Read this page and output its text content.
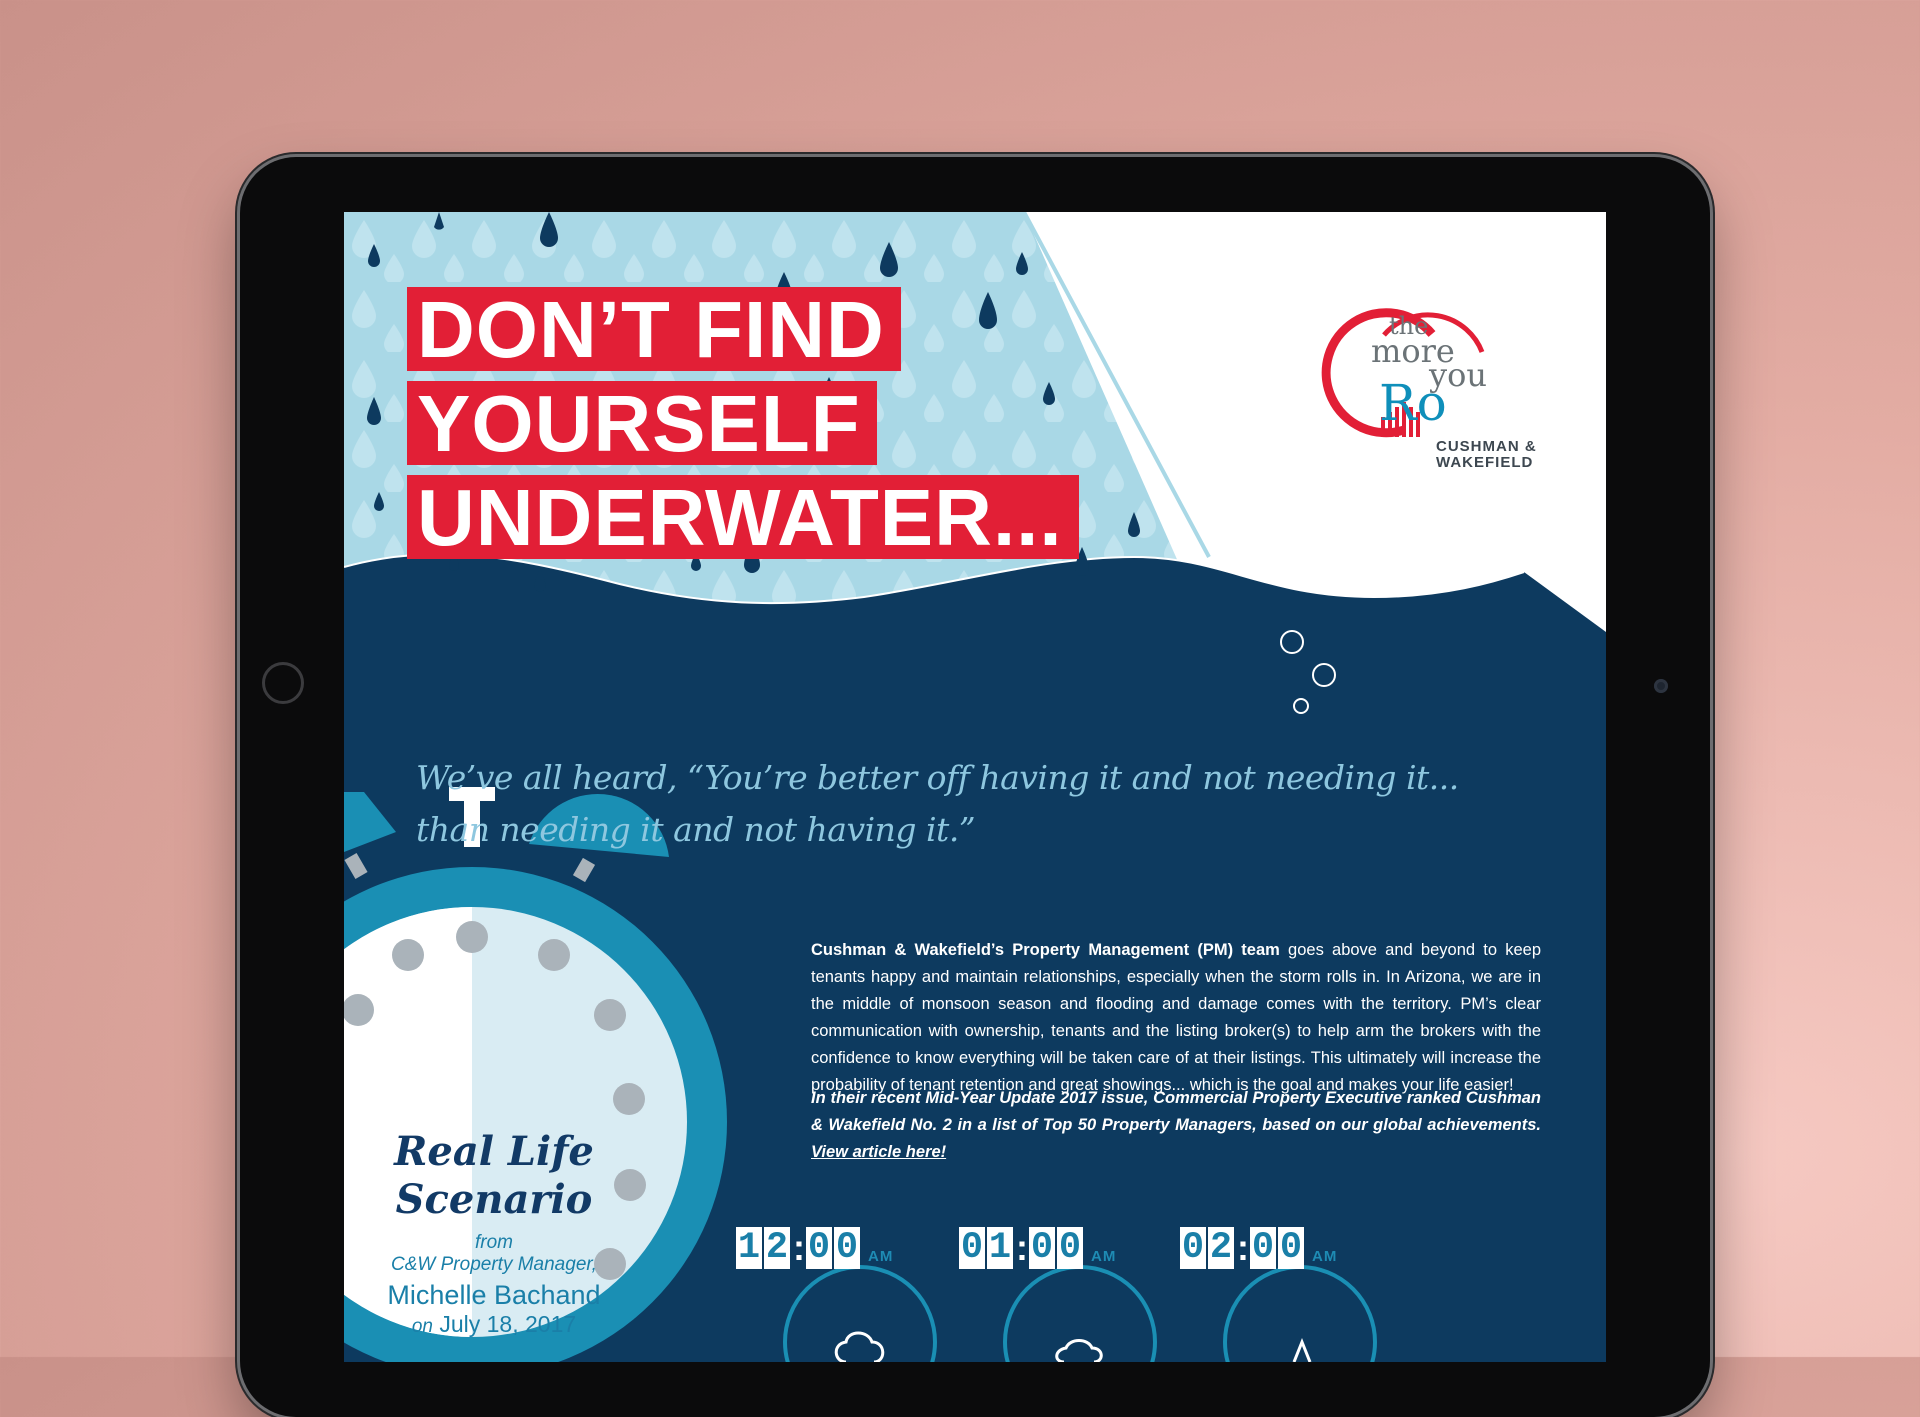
DON’T FIND
YOURSELF
UNDERWATER...
the
more
you
Ro
CUSHMAN &
WAKEFIELD
We’ve all heard, “You’re better off having it and not needing it...
than needing it and not having it.”
Cushman & Wakefield’s Property Management (PM) team goes above and beyond to keep tenants happy and maintain relationships, especially when the storm rolls in. In Arizona, we are in the middle of monsoon season and flooding and damage comes with the territory. PM’s clear communication with ownership, tenants and the listing broker(s) to help arm the brokers with the confidence to know everything will be taken care of at their listings. This ultimately will increase the probability of tenant retention and great showings... which is the goal and makes your life easier!
In their recent Mid-Year Update 2017 issue, Commercial Property Executive ranked Cushman & Wakefield No. 2 in a list of Top 50 Property Managers, based on our global achievements. View article here!
Real Life
Scenario
from
C&W Property Manager,
Michelle Bachand
on July 18, 2017
1 2 : 0 0 AM 0 1 : 0 0 AM 0 2 : 0 0 AM
